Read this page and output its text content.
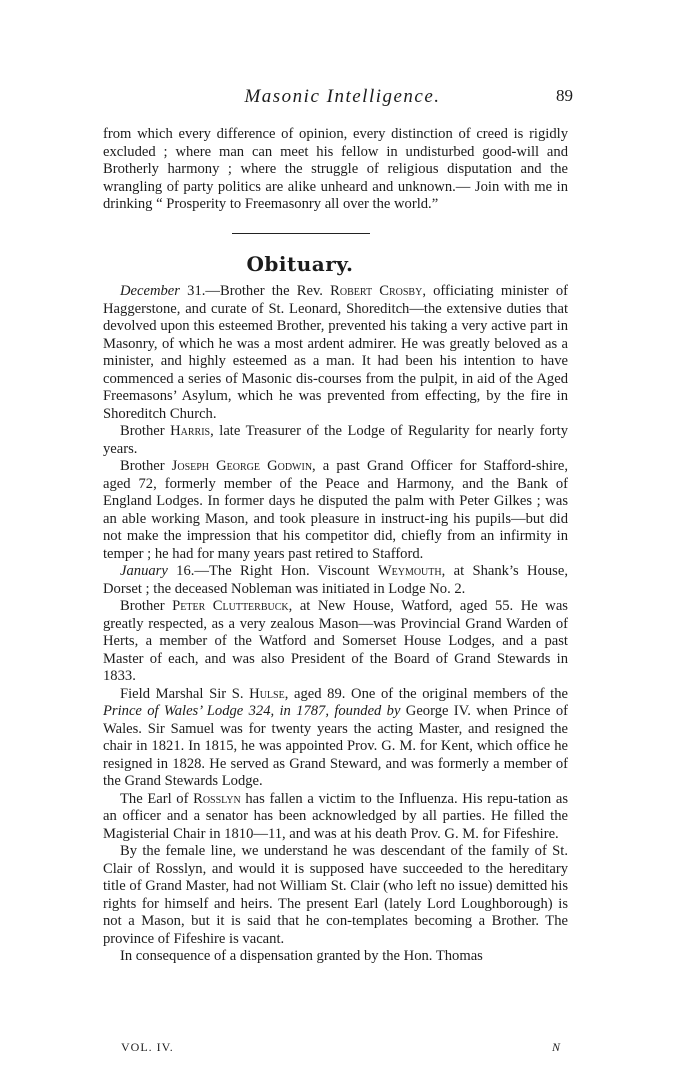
Masonic Intelligence.	89

from which every difference of opinion, every distinction of creed is rigidly excluded ; where man can meet his fellow in undisturbed good-will and Brotherly harmony ; where the struggle of religious disputation and the wrangling of party politics are alike unheard and unknown.— Join with me in drinking “ Prosperity to Freemasonry all over the world.”

Obituary.

December 31.—Brother the Rev. Robert Crosby, officiating minister of Haggerstone, and curate of St. Leonard, Shoreditch—the extensive duties that devolved upon this esteemed Brother, prevented his taking a very active part in Masonry, of which he was a most ardent admirer. He was greatly beloved as a minister, and highly esteemed as a man. It had been his intention to have commenced a series of Masonic dis-courses from the pulpit, in aid of the Aged Freemasons’ Asylum, which he was prevented from effecting, by the fire in Shoreditch Church.

Brother Harris, late Treasurer of the Lodge of Regularity for nearly forty years.

Brother Joseph George Godwin, a past Grand Officer for Stafford-shire, aged 72, formerly member of the Peace and Harmony, and the Bank of England Lodges. In former days he disputed the palm with Peter Gilkes ; was an able working Mason, and took pleasure in instruct-ing his pupils—but did not make the impression that his competitor did, chiefly from an infirmity in temper ; he had for many years past retired to Stafford.

January 16.—The Right Hon. Viscount Weymouth, at Shank’s House, Dorset ; the deceased Nobleman was initiated in Lodge No. 2.

Brother Peter Clutterbuck, at New House, Watford, aged 55. He was greatly respected, as a very zealous Mason—was Provincial Grand Warden of Herts, a member of the Watford and Somerset House Lodges, and a past Master of each, and was also President of the Board of Grand Stewards in 1833.

Field Marshal Sir S. Hulse, aged 89. One of the original members of the Prince of Wales’ Lodge 324, in 1787, founded by George IV. when Prince of Wales. Sir Samuel was for twenty years the acting Master, and resigned the chair in 1821. In 1815, he was appointed Prov. G. M. for Kent, which office he resigned in 1828. He served as Grand Steward, and was formerly a member of the Grand Stewards Lodge.

The Earl of Rosslyn has fallen a victim to the Influenza. His repu-tation as an officer and a senator has been acknowledged by all parties. He filled the Magisterial Chair in 1810—11, and was at his death Prov. G. M. for Fifeshire.

By the female line, we understand he was descendant of the family of St. Clair of Rosslyn, and would it is supposed have succeeded to the hereditary title of Grand Master, had not William St. Clair (who left no issue) demitted his rights for himself and heirs. The present Earl (lately Lord Loughborough) is not a Mason, but it is said that he con-templates becoming a Brother. The province of Fifeshire is vacant.

In consequence of a dispensation granted by the Hon. Thomas

VOL. IV.	N
